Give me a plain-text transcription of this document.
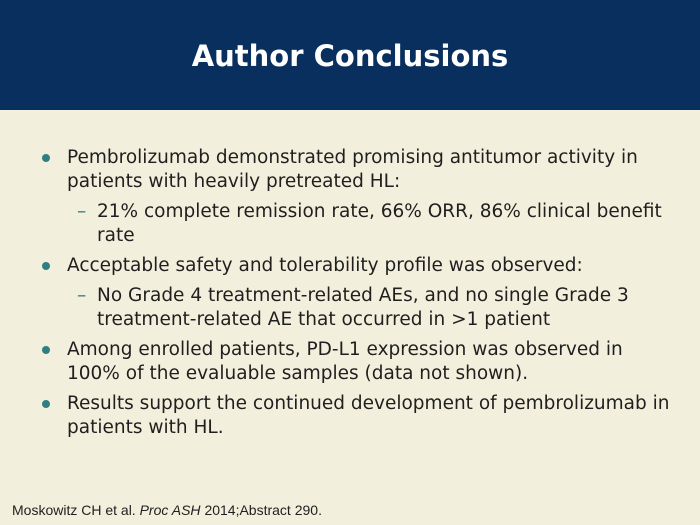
Author Conclusions
Pembrolizumab demonstrated promising antitumor activity in patients with heavily pretreated HL:
– 21% complete remission rate, 66% ORR, 86% clinical benefit rate
Acceptable safety and tolerability profile was observed:
– No Grade 4 treatment-related AEs, and no single Grade 3 treatment-related AE that occurred in >1 patient
Among enrolled patients, PD-L1 expression was observed in 100% of the evaluable samples (data not shown).
Results support the continued development of pembrolizumab in patients with HL.
Moskowitz CH et al. Proc ASH 2014;Abstract 290.
